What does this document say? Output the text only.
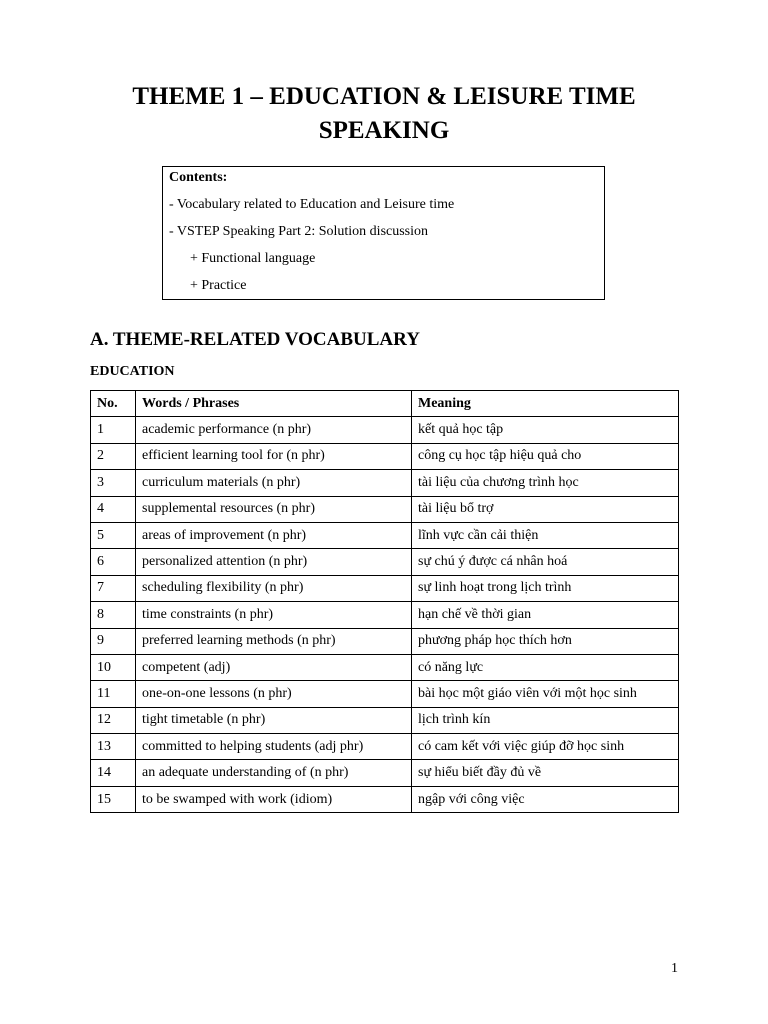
THEME 1 – EDUCATION & LEISURE TIME
SPEAKING
Contents:
- Vocabulary related to Education and Leisure time
- VSTEP Speaking Part 2: Solution discussion
+ Functional language
+ Practice
A. THEME-RELATED VOCABULARY
EDUCATION
No.	Words / Phrases	Meaning
1	academic performance (n phr)	kết quả học tập
2	efficient learning tool for (n phr)	công cụ học tập hiệu quả cho
3	curriculum materials (n phr)	tài liệu của chương trình học
4	supplemental resources (n phr)	tài liệu bổ trợ
5	areas of improvement (n phr)	lĩnh vực cần cải thiện
6	personalized attention (n phr)	sự chú ý được cá nhân hoá
7	scheduling flexibility (n phr)	sự linh hoạt trong lịch trình
8	time constraints (n phr)	hạn chế về thời gian
9	preferred learning methods (n phr)	phương pháp học thích hơn
10	competent (adj)	có năng lực
11	one-on-one lessons (n phr)	bài học một giáo viên với một học sinh
12	tight timetable (n phr)	lịch trình kín
13	committed to helping students (adj phr)	có cam kết với việc giúp đỡ học sinh
14	an adequate understanding of (n phr)	sự hiểu biết đầy đủ về
15	to be swamped with work (idiom)	ngập với công việc
1
